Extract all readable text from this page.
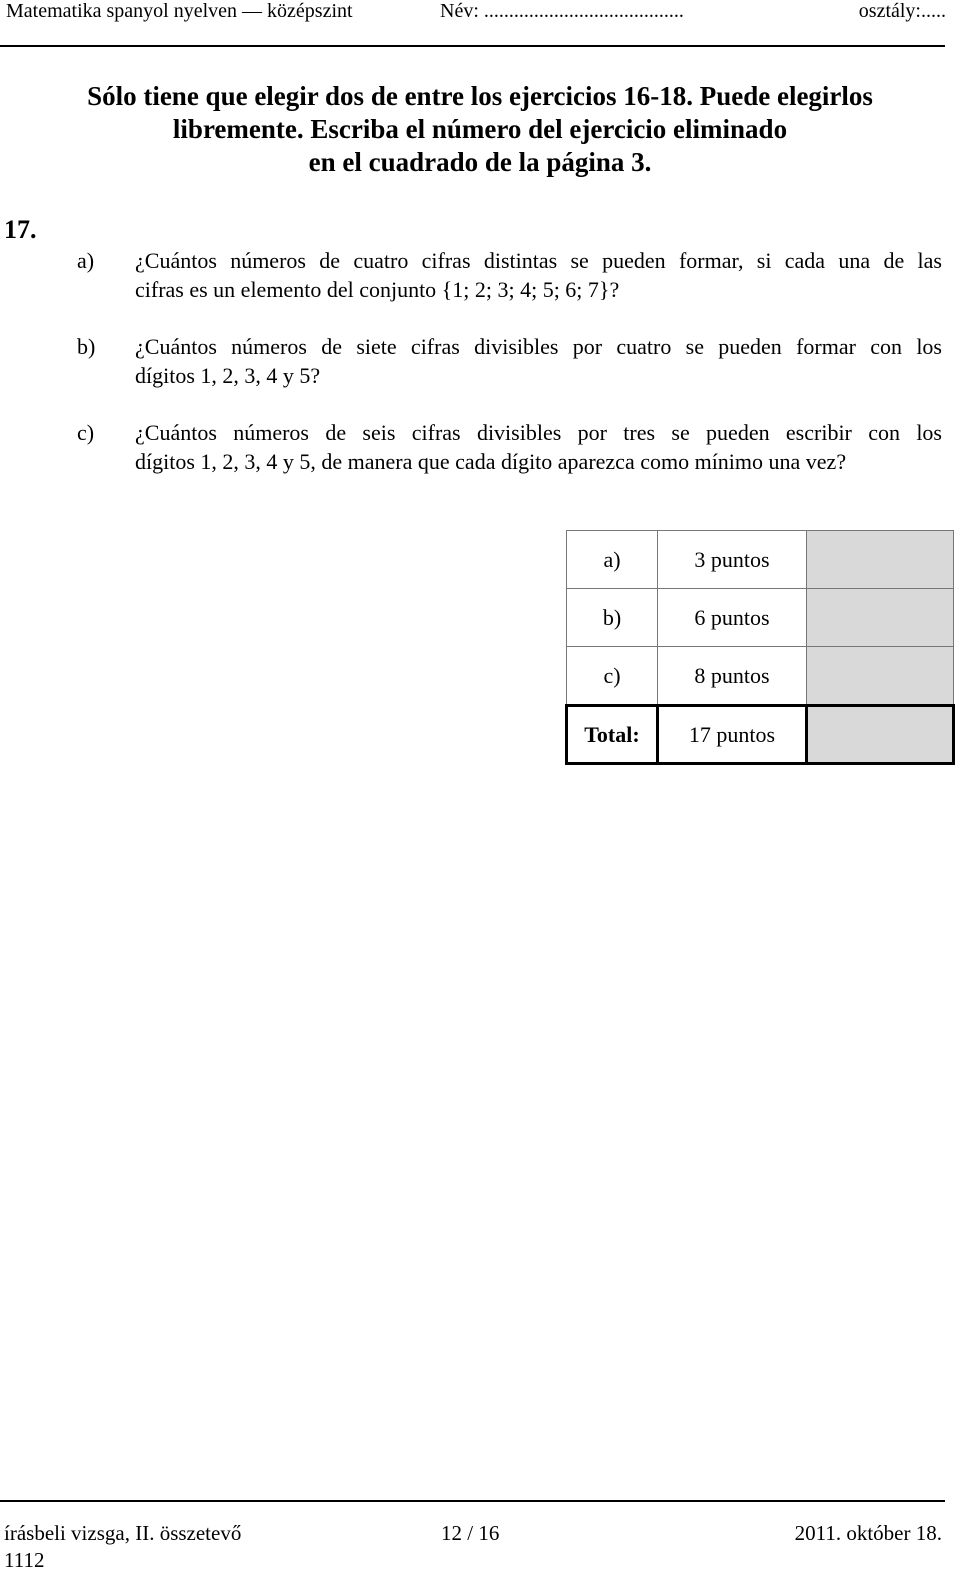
Matematika spanyol nyelven — középszint	Név: ........................................	osztály:.....
Sólo tiene que elegir dos de entre los ejercicios 16-18. Puede elegirlos
libremente. Escriba el número del ejercicio eliminado
en el cuadrado de la página 3.
17.
a) ¿Cuántos números de cuatro cifras distintas se pueden formar, si cada una de las
cifras es un elemento del conjunto {1; 2; 3; 4; 5; 6; 7}?
b) ¿Cuántos números de siete cifras divisibles por cuatro se pueden formar con los
dígitos 1, 2, 3, 4 y 5?
c) ¿Cuántos números de seis cifras divisibles por tres se pueden escribir con los
dígitos 1, 2, 3, 4 y 5, de manera que cada dígito aparezca como mínimo una vez?
a)	3 puntos	
b)	6 puntos	
c)	8 puntos	
Total:	17 puntos	
írásbeli vizsga, II. összetevő
1112
12 / 16	2011. október 18.
